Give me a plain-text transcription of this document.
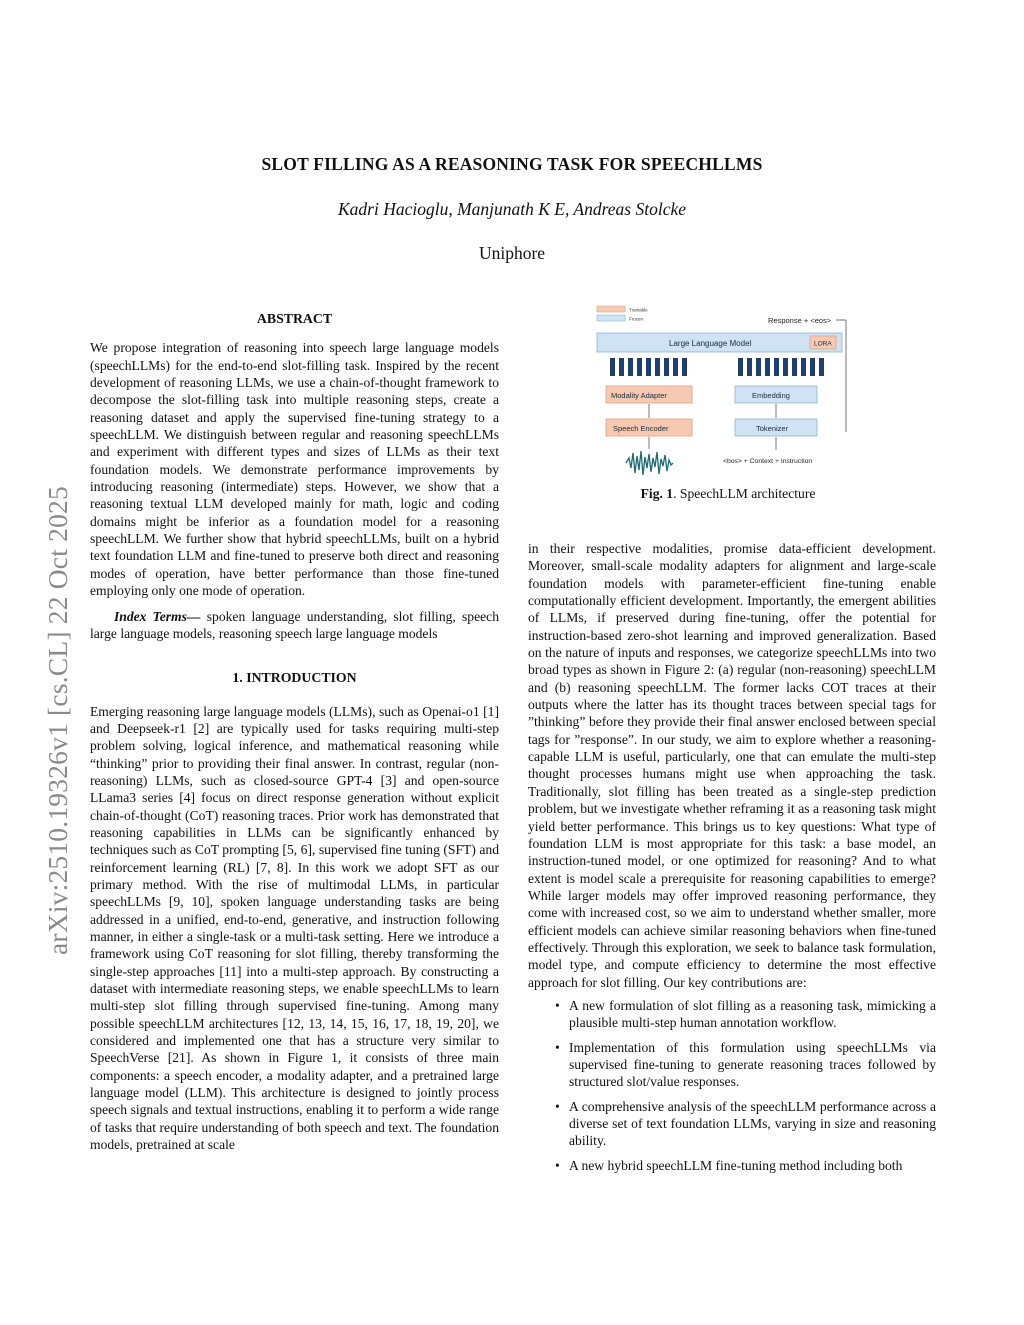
arXiv:2510.19326v1 [cs.CL] 22 Oct 2025
SLOT FILLING AS A REASONING TASK FOR SPEECHLLMS
Kadri Hacioglu, Manjunath K E, Andreas Stolcke
Uniphore
ABSTRACT

We propose integration of reasoning into speech large language models (speechLLMs) for the end-to-end slot-filling task. Inspired by the recent development of reasoning LLMs, we use a chain-of-thought framework to decompose the slot-filling task into multiple reasoning steps, create a reasoning dataset and apply the supervised fine-tuning strategy to a speechLLM. We distinguish between regular and reasoning speechLLMs and experiment with different types and sizes of LLMs as their text foundation models. We demonstrate performance improvements by introducing reasoning (intermediate) steps. However, we show that a reasoning textual LLM developed mainly for math, logic and coding domains might be inferior as a foundation model for a reasoning speechLLM. We further show that hybrid speechLLMs, built on a hybrid text foundation LLM and fine-tuned to preserve both direct and reasoning modes of operation, have better performance than those fine-tuned employing only one mode of operation.

Index Terms— spoken language understanding, slot filling, speech large language models, reasoning speech large language models

1. INTRODUCTION

Emerging reasoning large language models (LLMs), such as Openai-o1 [1] and Deepseek-r1 [2] are typically used for tasks requiring multi-step problem solving, logical inference, and mathematical reasoning while “thinking” prior to providing their final answer. In contrast, regular (non-reasoning) LLMs, such as closed-source GPT-4 [3] and open-source LLama3 series [4] focus on direct response generation without explicit chain-of-thought (CoT) reasoning traces. Prior work has demonstrated that reasoning capabilities in LLMs can be significantly enhanced by techniques such as CoT prompting [5, 6], supervised fine tuning (SFT) and reinforcement learning (RL) [7, 8]. In this work we adopt SFT as our primary method. With the rise of multimodal LLMs, in particular speechLLMs [9, 10], spoken language understanding tasks are being addressed in a unified, end-to-end, generative, and instruction following manner, in either a single-task or a multi-task setting. Here we introduce a framework using CoT reasoning for slot filling, thereby transforming the single-step approaches [11] into a multi-step approach. By constructing a dataset with intermediate reasoning steps, we enable speechLLMs to learn multi-step slot filling through supervised fine-tuning. Among many possible speechLLM architectures [12, 13, 14, 15, 16, 17, 18, 19, 20], we considered and implemented one that has a structure very similar to SpeechVerse [21]. As shown in Figure 1, it consists of three main components: a speech encoder, a modality adapter, and a pretrained large language model (LLM). This architecture is designed to jointly process speech signals and textual instructions, enabling it to perform a wide range of tasks that require understanding of both speech and text. The foundation models, pretrained at scale

Trainable
Frozen	Response + <eos>
Large Language Model	LORA
Modality Adapter	Embedding
Speech Encoder	Tokenizer
<bos> + Context + Instruction
Fig. 1. SpeechLLM architecture

in their respective modalities, promise data-efficient development. Moreover, small-scale modality adapters for alignment and large-scale foundation models with parameter-efficient fine-tuning enable computationally efficient development. Importantly, the emergent abilities of LLMs, if preserved during fine-tuning, offer the potential for instruction-based zero-shot learning and improved generalization. Based on the nature of inputs and responses, we categorize speechLLMs into two broad types as shown in Figure 2: (a) regular (non-reasoning) speechLLM and (b) reasoning speechLLM. The former lacks COT traces at their outputs where the latter has its thought traces between special tags for ”thinking” before they provide their final answer enclosed between special tags for ”response”. In our study, we aim to explore whether a reasoning-capable LLM is useful, particularly, one that can emulate the multi-step thought processes humans might use when approaching the task. Traditionally, slot filling has been treated as a single-step prediction problem, but we investigate whether reframing it as a reasoning task might yield better performance. This brings us to key questions: What type of foundation LLM is most appropriate for this task: a base model, an instruction-tuned model, or one optimized for reasoning? And to what extent is model scale a prerequisite for reasoning capabilities to emerge? While larger models may offer improved reasoning performance, they come with increased cost, so we aim to understand whether smaller, more efficient models can achieve similar reasoning behaviors when fine-tuned effectively. Through this exploration, we seek to balance task formulation, model type, and compute efficiency to determine the most effective approach for slot filling. Our key contributions are:

• A new formulation of slot filling as a reasoning task, mimicking a plausible multi-step human annotation workflow.
• Implementation of this formulation using speechLLMs via supervised fine-tuning to generate reasoning traces followed by structured slot/value responses.
• A comprehensive analysis of the speechLLM performance across a diverse set of text foundation LLMs, varying in size and reasoning ability.
• A new hybrid speechLLM fine-tuning method including both
